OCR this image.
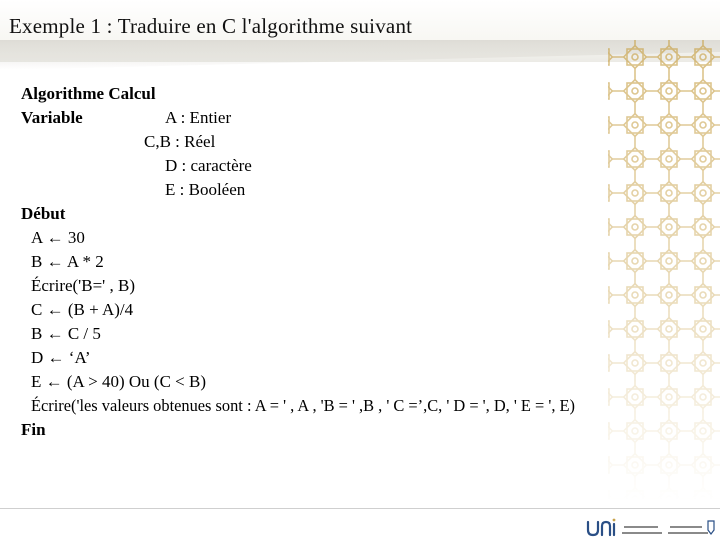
Exemple 1 : Traduire en C l'algorithme suivant
Algorithme Calcul
Variable	A : Entier
C,B : Réel
D : caractère
E : Booléen
Début
A ← 30
B ← A * 2
Écrire('B=' , B)
C ← (B + A)/4
B ← C / 5
D ← ‘A’
E ← (A > 40) Ou (C < B)
Écrire('les valeurs obtenues sont : A = ' , A , 'B = ' ,B , ' C =’,C, ' D = ', D, ' E = ', E)
Fin
